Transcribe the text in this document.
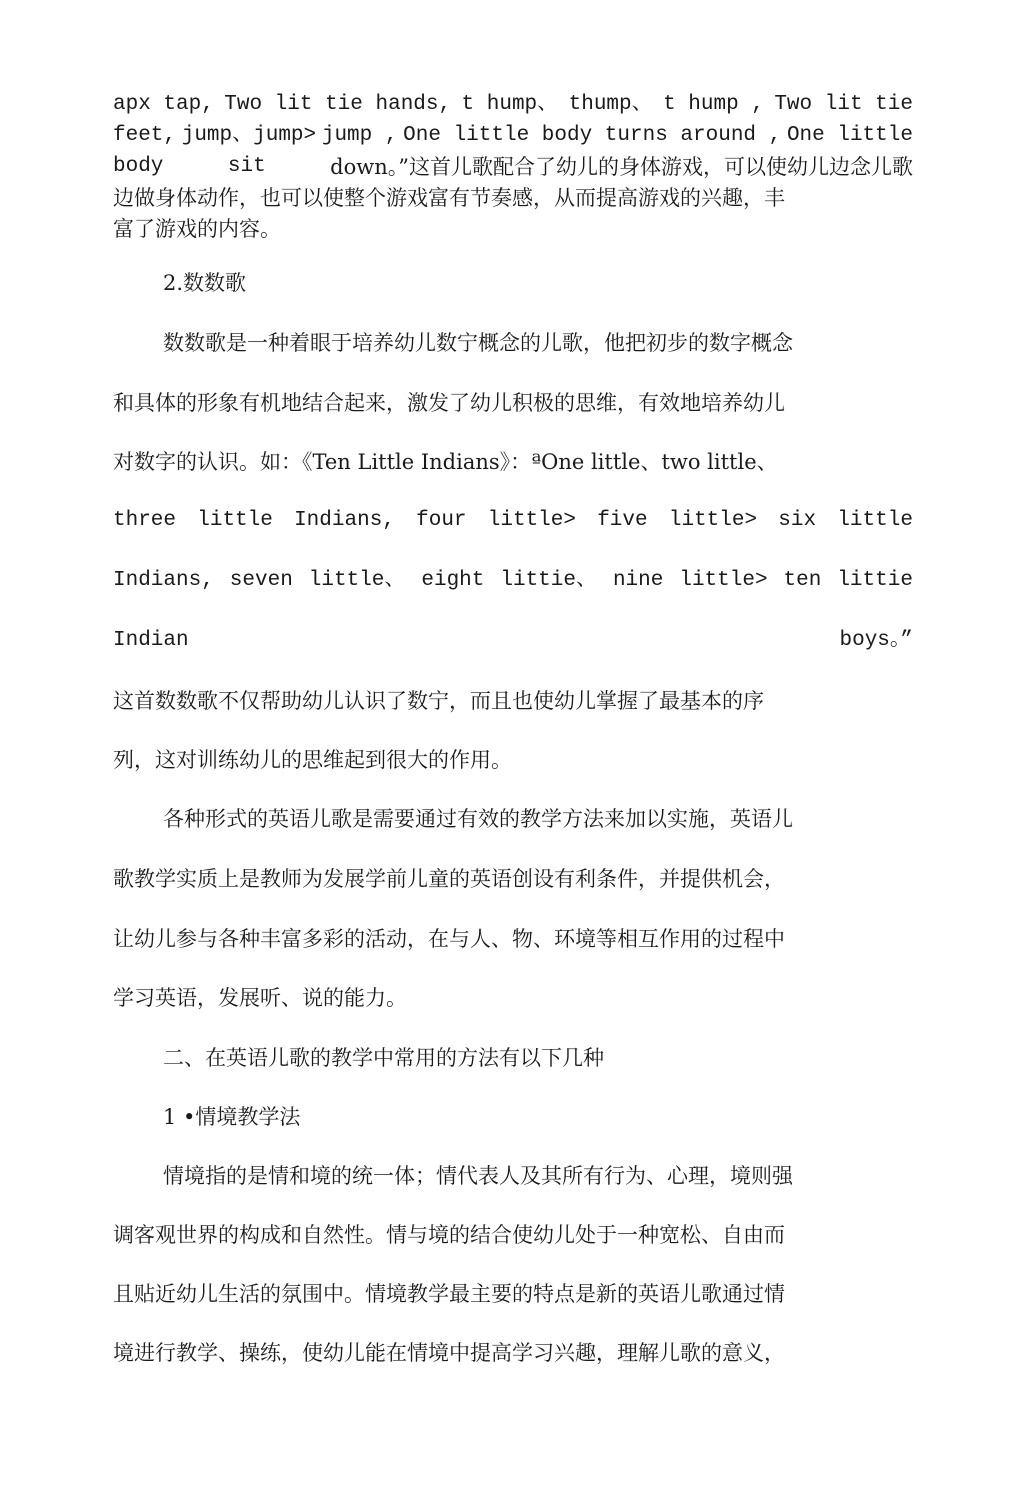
apx tap, Two lit tie hands, t hump、 thump、 t hump , Two lit tie
feet, jump、jump> jump , One little body turns around , One little
body	sit	down。”这首儿歌配合了幼儿的身体游戏，可以使幼儿边念儿歌
边做身体动作，也可以使整个游戏富有节奏感，从而提高游戏的兴趣，丰
富了游戏的内容。
2.数数歌
数数歌是一种着眼于培养幼儿数宁概念的儿歌，他把初步的数字概念
和具体的形象有机地结合起来，激发了幼儿积极的思维，有效地培养幼儿
对数字的认识。如：《Ten Little Indians》：ªOne little、two little、
three little Indians, four little> five little> six little
Indians, seven little、 eight littie、 nine little> ten littie
Indian	boys。”
这首数数歌不仅帮助幼儿认识了数宁，而且也使幼儿掌握了最基本的序
列，这对训练幼儿的思维起到很大的作用。
各种形式的英语儿歌是需要通过有效的教学方法来加以实施，英语儿
歌教学实质上是教师为发展学前儿童的英语创设有利条件，并提供机会，
让幼儿参与各种丰富多彩的活动，在与人、物、环境等相互作用的过程中
学习英语，发展听、说的能力。
二、在英语儿歌的教学中常用的方法有以下几种
1 •情境教学法
情境指的是情和境的统一体；情代表人及其所有行为、心理，境则强
调客观世界的构成和自然性。情与境的结合使幼儿处于一种宽松、自由而
且贴近幼儿生活的氛围中。情境教学最主要的特点是新的英语儿歌通过情
境进行教学、操练，使幼儿能在情境中提高学习兴趣，理解儿歌的意义，
